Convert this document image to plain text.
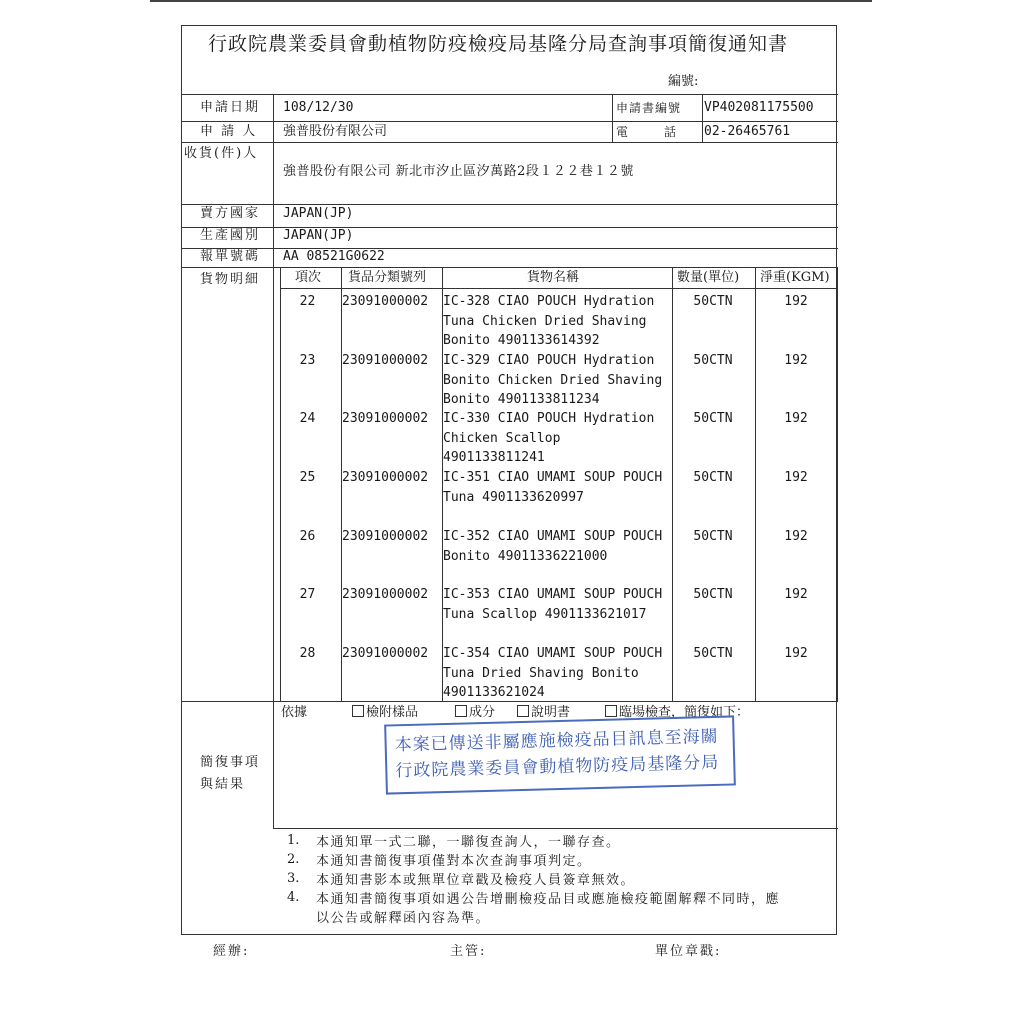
行政院農業委員會動植物防疫檢疫局基隆分局查詢事項簡復通知書
編號:
申請日期 108/12/30	申請書編號 VP402081175500
申 請 人 強普股份有限公司	電　　　話 02-26465761
收貨(件)人
強普股份有限公司 新北市汐止區汐萬路2段１２２巷１２號
賣方國家 JAPAN(JP)
生產國別 JAPAN(JP)
報單號碼 AA 08521G0622
貨物明細	項次 貨品分類號列	貨物名稱	數量(單位) 淨重(KGM)
22	23091000002	IC-328 CIAO POUCH Hydration
Tuna Chicken Dried Shaving
Bonito 4901133614392
50CTN	192
23	23091000002	IC-329 CIAO POUCH Hydration
Bonito Chicken Dried Shaving
Bonito 4901133811234
50CTN	192
24	23091000002	IC-330 CIAO POUCH Hydration
Chicken Scallop
4901133811241
50CTN	192
25	23091000002	IC-351 CIAO UMAMI SOUP POUCH
Tuna 4901133620997
50CTN	192
26	23091000002	IC-352 CIAO UMAMI SOUP POUCH
Bonito 49011336221000
50CTN	192
27	23091000002	IC-353 CIAO UMAMI SOUP POUCH
Tuna Scallop 4901133621017
50CTN	192
28	23091000002	IC-354 CIAO UMAMI SOUP POUCH
Tuna Dried Shaving Bonito
4901133621024
50CTN	192
依據	檢附樣品	成分	說明書	臨場檢查，簡復如下：
簡復事項
與結果
本案已傳送非屬應施檢疫品目訊息至海關
行政院農業委員會動植物防疫局基隆分局
1. 本通知單一式二聯，一聯復查詢人，一聯存查。
2. 本通知書簡復事項僅對本次查詢事項判定。
3. 本通知書影本或無單位章戳及檢疫人員簽章無效。
4. 本通知書簡復事項如遇公告增刪檢疫品目或應施檢疫範圍解釋不同時，應
以公告或解釋函內容為準。
經辦:	主管:	單位章戳:
